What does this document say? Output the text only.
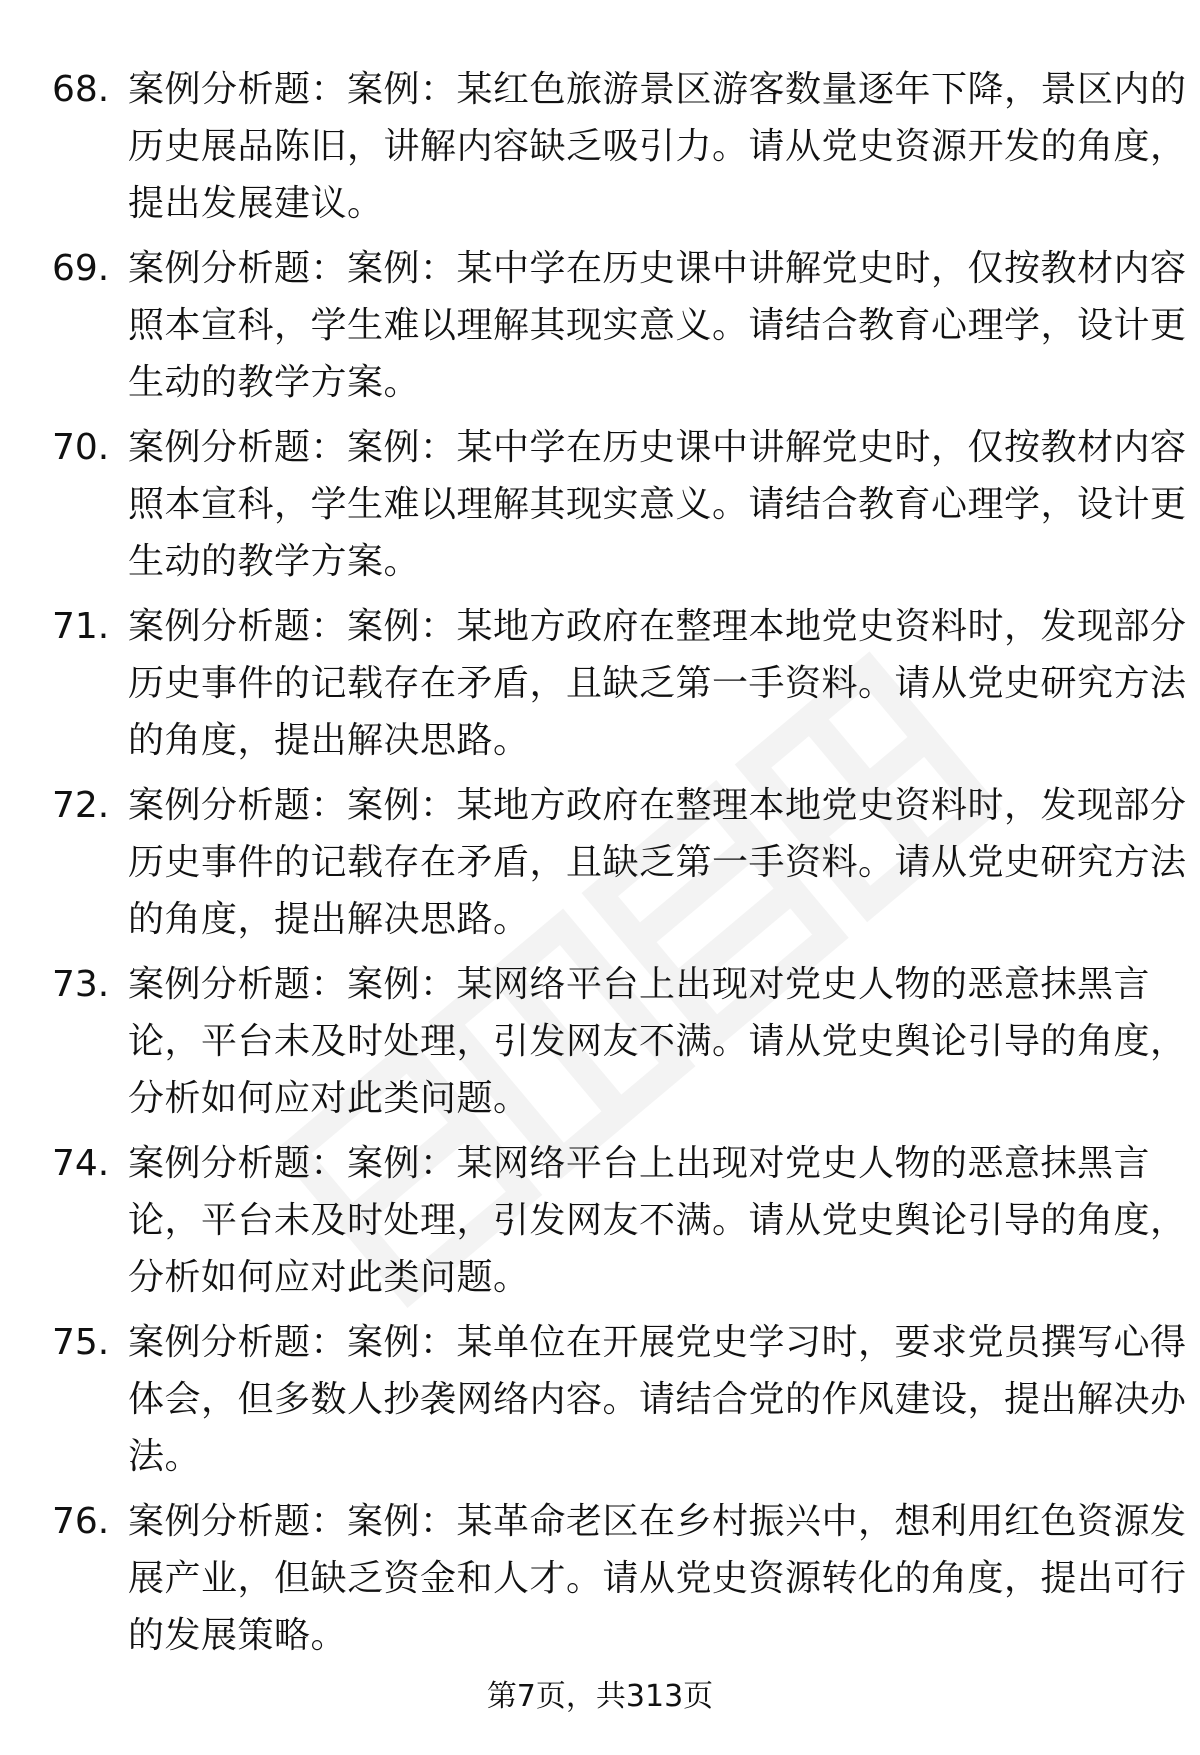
68. 案例分析题：案例：某红色旅游景区游客数量逐年下降，景区内的历史展品陈旧，讲解内容缺乏吸引力。请从党史资源开发的角度，提出发展建议。
69. 案例分析题：案例：某中学在历史课中讲解党史时，仅按教材内容照本宣科，学生难以理解其现实意义。请结合教育心理学，设计更生动的教学方案。
70. 案例分析题：案例：某中学在历史课中讲解党史时，仅按教材内容照本宣科，学生难以理解其现实意义。请结合教育心理学，设计更生动的教学方案。
71. 案例分析题：案例：某地方政府在整理本地党史资料时，发现部分历史事件的记载存在矛盾，且缺乏第一手资料。请从党史研究方法的角度，提出解决思路。
72. 案例分析题：案例：某地方政府在整理本地党史资料时，发现部分历史事件的记载存在矛盾，且缺乏第一手资料。请从党史研究方法的角度，提出解决思路。
73. 案例分析题：案例：某网络平台上出现对党史人物的恶意抹黑言论，平台未及时处理，引发网友不满。请从党史舆论引导的角度，分析如何应对此类问题。
74. 案例分析题：案例：某网络平台上出现对党史人物的恶意抹黑言论，平台未及时处理，引发网友不满。请从党史舆论引导的角度，分析如何应对此类问题。
75. 案例分析题：案例：某单位在开展党史学习时，要求党员撰写心得体会，但多数人抄袭网络内容。请结合党的作风建设，提出解决办法。
76. 案例分析题：案例：某革命老区在乡村振兴中，想利用红色资源发展产业，但缺乏资金和人才。请从党史资源转化的角度，提出可行的发展策略。
第7页，共313页
